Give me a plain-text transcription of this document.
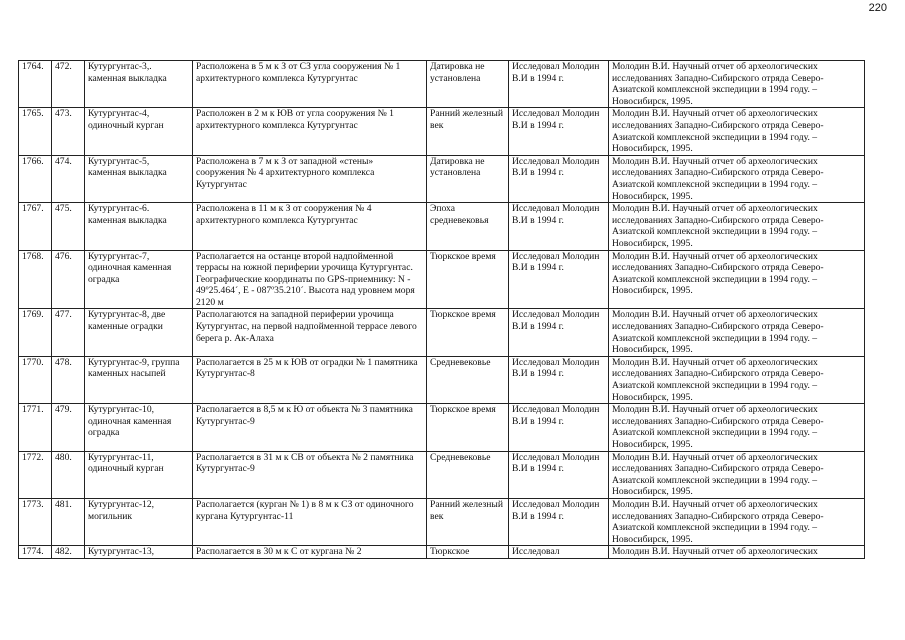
220
1764.	472.	Кутургунтас-3,. каменная выкладка	Расположена в 5 м к З от СЗ угла сооружения № 1 архитектурного комплекса Кутургунтас	Датировка не установлена	Исследовал Молодин В.И в 1994 г.	Молодин В.И. Научный отчет об археологических исследованиях Западно-Сибирского отряда Северо-Азиатской комплексной экспедиции в 1994 году. – Новосибирск, 1995.
1765.	473.	Кутургунтас-4, одиночный курган	Расположен в 2 м к ЮВ от угла сооружения № 1 архитектурного комплекса Кутургунтас	Ранний железный век	Исследовал Молодин В.И в 1994 г.	Молодин В.И. Научный отчет об археологических исследованиях Западно-Сибирского отряда Северо-Азиатской комплексной экспедиции в 1994 году. – Новосибирск, 1995.
1766.	474.	Кутургунтас-5, каменная выкладка	Расположена в 7 м к З от западной «стены» сооружения № 4 архитектурного комплекса Кутургунтас	Датировка не установлена	Исследовал Молодин В.И в 1994 г.	Молодин В.И. Научный отчет об археологических исследованиях Западно-Сибирского отряда Северо-Азиатской комплексной экспедиции в 1994 году. – Новосибирск, 1995.
1767.	475.	Кутургунтас-6. каменная выкладка	Расположена в 11 м к З от сооружения № 4 архитектурного комплекса Кутургунтас	Эпоха средневековья	Исследовал Молодин В.И в 1994 г.	Молодин В.И. Научный отчет об археологических исследованиях Западно-Сибирского отряда Северо-Азиатской комплексной экспедиции в 1994 году. – Новосибирск, 1995.
1768.	476.	Кутургунтас-7, одиночная каменная оградка	Располагается на останце второй надпойменной террасы на южной периферии урочища Кутургунтас. Географические координаты по GPS-приемнику: N - 49º25.464´, E - 087º35.210´. Высота над уровнем моря 2120 м	Тюркское время	Исследовал Молодин В.И в 1994 г.	Молодин В.И. Научный отчет об археологических исследованиях Западно-Сибирского отряда Северо-Азиатской комплексной экспедиции в 1994 году. – Новосибирск, 1995.
1769.	477.	Кутургунтас-8, две каменные оградки	Располагаются на западной периферии урочища Кутургунтас, на первой надпойменной террасе левого берега р. Ак-Алаха	Тюркское время	Исследовал Молодин В.И в 1994 г.	Молодин В.И. Научный отчет об археологических исследованиях Западно-Сибирского отряда Северо-Азиатской комплексной экспедиции в 1994 году. – Новосибирск, 1995.
1770.	478.	Кутургунтас-9, группа каменных насыпей	Располагается в 25 м к ЮВ от оградки № 1 памятника Кутургунтас-8	Средневековье	Исследовал Молодин В.И в 1994 г.	Молодин В.И. Научный отчет об археологических исследованиях Западно-Сибирского отряда Северо-Азиатской комплексной экспедиции в 1994 году. – Новосибирск, 1995.
1771.	479.	Кутургунтас-10, одиночная каменная оградка	Располагается в 8,5 м к Ю от объекта № 3 памятника Кутургунтас-9	Тюркское время	Исследовал Молодин В.И в 1994 г.	Молодин В.И. Научный отчет об археологических исследованиях Западно-Сибирского отряда Северо-Азиатской комплексной экспедиции в 1994 году. – Новосибирск, 1995.
1772.	480.	Кутургунтас-11, одиночный курган	Располагается в 31 м к СВ от объекта № 2 памятника Кутургунтас-9	Средневековье	Исследовал Молодин В.И в 1994 г.	Молодин В.И. Научный отчет об археологических исследованиях Западно-Сибирского отряда Северо-Азиатской комплексной экспедиции в 1994 году. – Новосибирск, 1995.
1773.	481.	Кутургунтас-12, могильник	Располагается (курган № 1) в 8 м к СЗ от одиночного кургана Кутургунтас-11	Ранний железный век	Исследовал Молодин В.И в 1994 г.	Молодин В.И. Научный отчет об археологических исследованиях Западно-Сибирского отряда Северо-Азиатской комплексной экспедиции в 1994 году. – Новосибирск, 1995.
1774.	482.	Кутургунтас-13,	Располагается в 30 м к С от кургана № 2	Тюркское	Исследовал	Молодин В.И. Научный отчет об археологических
